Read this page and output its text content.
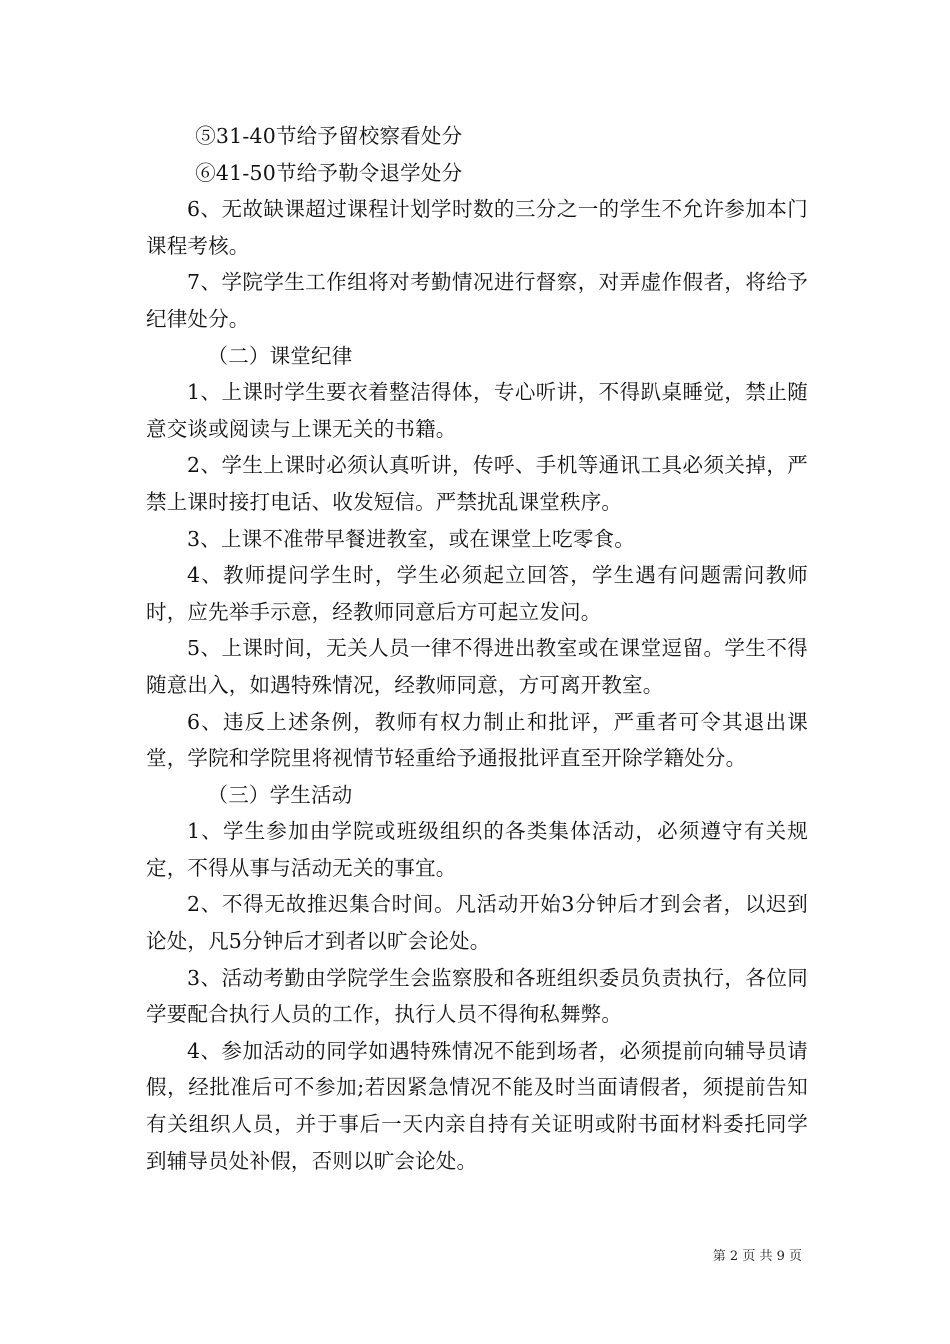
⑤31-40节给予留校察看处分

⑥41-50节给予勒令退学处分

6、无故缺课超过课程计划学时数的三分之一的学生不允许参加本门课程考核。

7、学院学生工作组将对考勤情况进行督察，对弄虚作假者，将给予纪律处分。

（二）课堂纪律

1、上课时学生要衣着整洁得体，专心听讲，不得趴桌睡觉，禁止随意交谈或阅读与上课无关的书籍。

2、学生上课时必须认真听讲，传呼、手机等通讯工具必须关掉，严禁上课时接打电话、收发短信。严禁扰乱课堂秩序。

3、上课不准带早餐进教室，或在课堂上吃零食。

4、教师提问学生时，学生必须起立回答，学生遇有问题需问教师时，应先举手示意，经教师同意后方可起立发问。

5、上课时间，无关人员一律不得进出教室或在课堂逗留。学生不得随意出入，如遇特殊情况，经教师同意，方可离开教室。

6、违反上述条例，教师有权力制止和批评，严重者可令其退出课堂，学院和学院里将视情节轻重给予通报批评直至开除学籍处分。

（三）学生活动

1、学生参加由学院或班级组织的各类集体活动，必须遵守有关规定，不得从事与活动无关的事宜。

2、不得无故推迟集合时间。凡活动开始3分钟后才到会者，以迟到论处，凡5分钟后才到者以旷会论处。

3、活动考勤由学院学生会监察股和各班组织委员负责执行，各位同学要配合执行人员的工作，执行人员不得徇私舞弊。

4、参加活动的同学如遇特殊情况不能到场者，必须提前向辅导员请假，经批准后可不参加;若因紧急情况不能及时当面请假者，须提前告知有关组织人员，并于事后一天内亲自持有关证明或附书面材料委托同学到辅导员处补假，否则以旷会论处。

第 2 页 共 9 页
